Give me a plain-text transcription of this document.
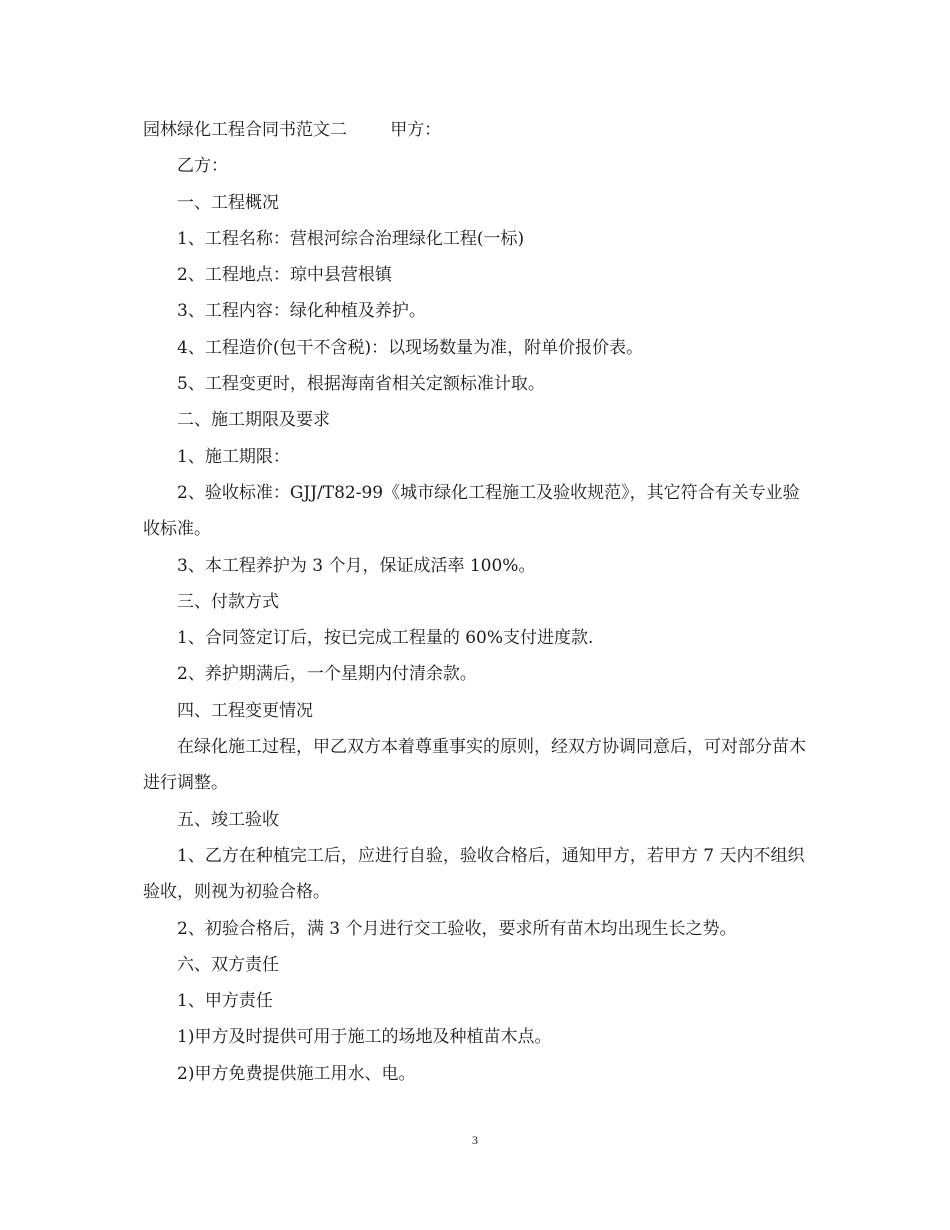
园林绿化工程合同书范文二        甲方：

乙方：

一、工程概况

1、工程名称：营根河综合治理绿化工程(一标)

2、工程地点：琼中县营根镇

3、工程内容：绿化种植及养护。

4、工程造价(包干不含税)：以现场数量为准，附单价报价表。

5、工程变更时，根据海南省相关定额标准计取。

二、施工期限及要求

1、施工期限：

2、验收标准：GJJ/T82-99《城市绿化工程施工及验收规范》，其它符合有关专业验收标准。

3、本工程养护为 3 个月，保证成活率 100%。

三、付款方式

1、合同签定订后，按已完成工程量的 60%支付进度款.

2、养护期满后，一个星期内付清余款。

四、工程变更情况

在绿化施工过程，甲乙双方本着尊重事实的原则，经双方协调同意后，可对部分苗木进行调整。

五、竣工验收

1、乙方在种植完工后，应进行自验，验收合格后，通知甲方，若甲方 7 天内不组织验收，则视为初验合格。

2、初验合格后，满 3 个月进行交工验收，要求所有苗木均出现生长之势。

六、双方责任

1、甲方责任

1)甲方及时提供可用于施工的场地及种植苗木点。

2)甲方免费提供施工用水、电。

3
